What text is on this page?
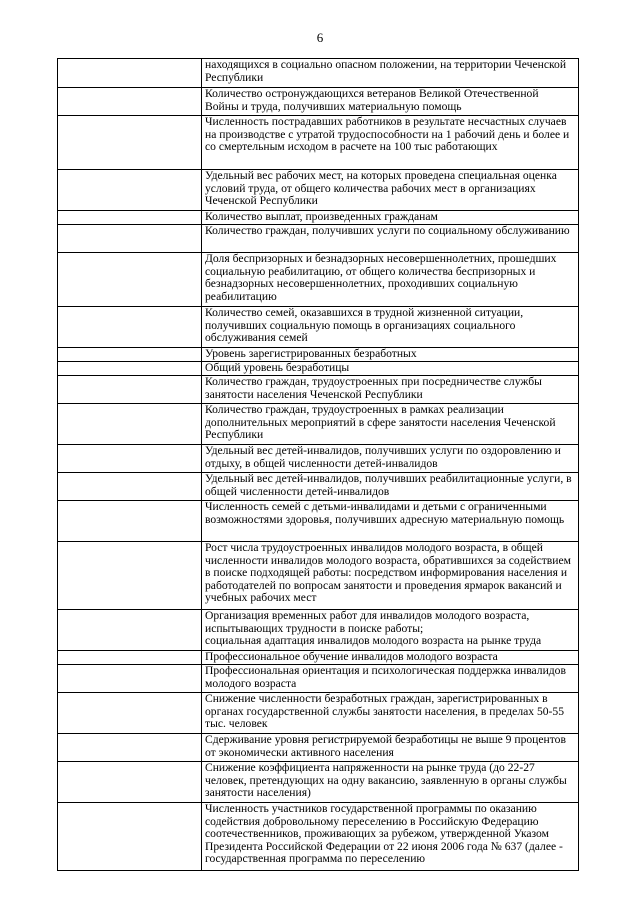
6

	находящихся в социально опасном положении, на территории Чеченской Республики

	Количество остронуждающихся ветеранов Великой Отечественной Войны и труда, получивших материальную помощь

	Численность пострадавших работников в результате несчастных случаев на производстве с утратой трудоспособности на 1 рабочий день и более и со смертельным исходом в расчете на 100 тыс работающих

	Удельный вес рабочих мест, на которых проведена специальная оценка условий труда, от общего количества рабочих мест в организациях Чеченской Республики

	Количество выплат, произведенных гражданам

	Количество граждан, получивших услуги по социальному обслуживанию

	Доля беспризорных и безнадзорных несовершеннолетних, прошедших социальную реабилитацию, от общего количества беспризорных и безнадзорных несовершеннолетних, проходивших социальную реабилитацию

	Количество семей, оказавшихся в трудной жизненной ситуации, получивших социальную помощь в организациях социального обслуживания семей

	Уровень зарегистрированных безработных

	Общий уровень безработицы

	Количество граждан, трудоустроенных при посредничестве службы занятости населения Чеченской Республики

	Количество граждан, трудоустроенных в рамках реализации дополнительных мероприятий в сфере занятости населения Чеченской Республики

	Удельный вес детей-инвалидов, получивших услуги по оздоровлению и отдыху, в общей численности детей-инвалидов

	Удельный вес детей-инвалидов, получивших реабилитационные услуги, в общей численности детей-инвалидов

	Численность семей с детьми-инвалидами и детьми с ограниченными возможностями здоровья, получивших адресную материальную помощь

	Рост числа трудоустроенных инвалидов молодого возраста, в общей численности инвалидов молодого возраста, обратившихся за содействием в поиске подходящей работы: посредством информирования населения и работодателей по вопросам занятости и проведения ярмарок вакансий и учебных рабочих мест

	Организация временных работ для инвалидов молодого возраста, испытывающих трудности в поиске работы;
социальная адаптация инвалидов молодого возраста на рынке труда

	Профессиональное обучение инвалидов молодого возраста

	Профессиональная ориентация и психологическая поддержка инвалидов молодого возраста

	Снижение численности безработных граждан, зарегистрированных в органах государственной службы занятости населения, в пределах 50-55 тыс. человек

	Сдерживание уровня регистрируемой безработицы не выше 9 процентов от экономически активного населения

	Снижение коэффициента напряженности на рынке труда (до 22-27 человек, претендующих на одну вакансию, заявленную в органы службы занятости населения)

	Численность участников государственной программы по оказанию содействия добровольному переселению в Российскую Федерацию соотечественников, проживающих за рубежом, утвержденной Указом Президента Российской Федерации от 22 июня 2006 года № 637 (далее - государственная программа по переселению
